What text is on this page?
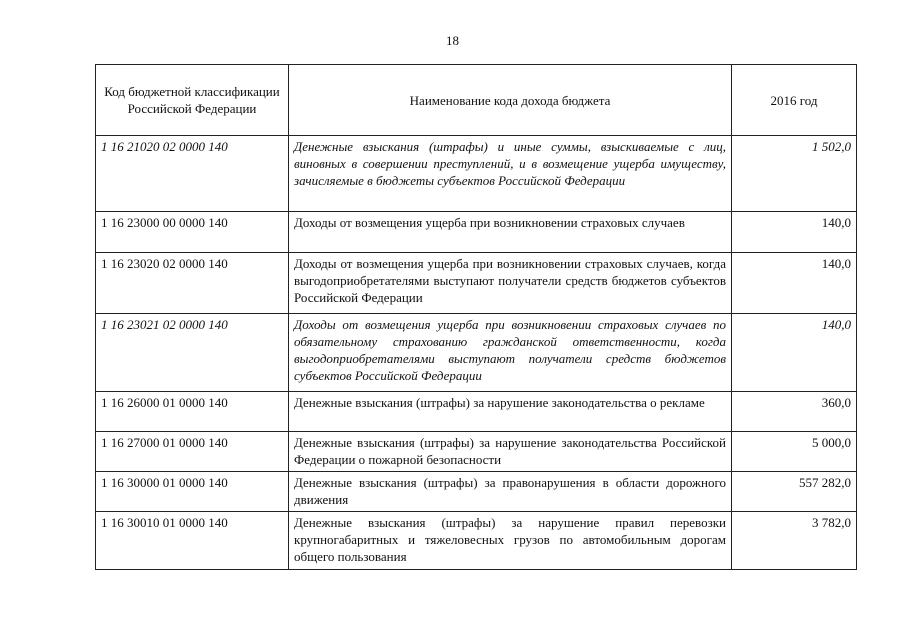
18
Код бюджетной классификации Российской Федерации	Наименование кода дохода бюджета	2016 год
1 16 21020 02 0000 140	Денежные взыскания (штрафы) и иные суммы, взыскиваемые с лиц, виновных в совершении преступлений, и в возмещение ущерба имуществу, зачисляемые в бюджеты субъектов Российской Федерации	1 502,0
1 16 23000 00 0000 140	Доходы от возмещения ущерба при возникновении страховых случаев	140,0
1 16 23020 02 0000 140	Доходы от возмещения ущерба при возникновении страховых случаев, когда выгодоприобретателями выступают получатели средств бюджетов субъектов Российской Федерации	140,0
1 16 23021 02 0000 140	Доходы от возмещения ущерба при возникновении страховых случаев по обязательному страхованию гражданской ответственности, когда выгодоприобретателями выступают получатели средств бюджетов субъектов Российской Федерации	140,0
1 16 26000 01 0000 140	Денежные взыскания (штрафы) за нарушение законодательства о рекламе	360,0
1 16 27000 01 0000 140	Денежные взыскания (штрафы) за нарушение законодательства Российской Федерации о пожарной безопасности	5 000,0
1 16 30000 01 0000 140	Денежные взыскания (штрафы) за правонарушения в области дорожного движения	557 282,0
1 16 30010 01 0000 140	Денежные взыскания (штрафы) за нарушение правил перевозки крупногабаритных и тяжеловесных грузов по автомобильным дорогам общего пользования	3 782,0
